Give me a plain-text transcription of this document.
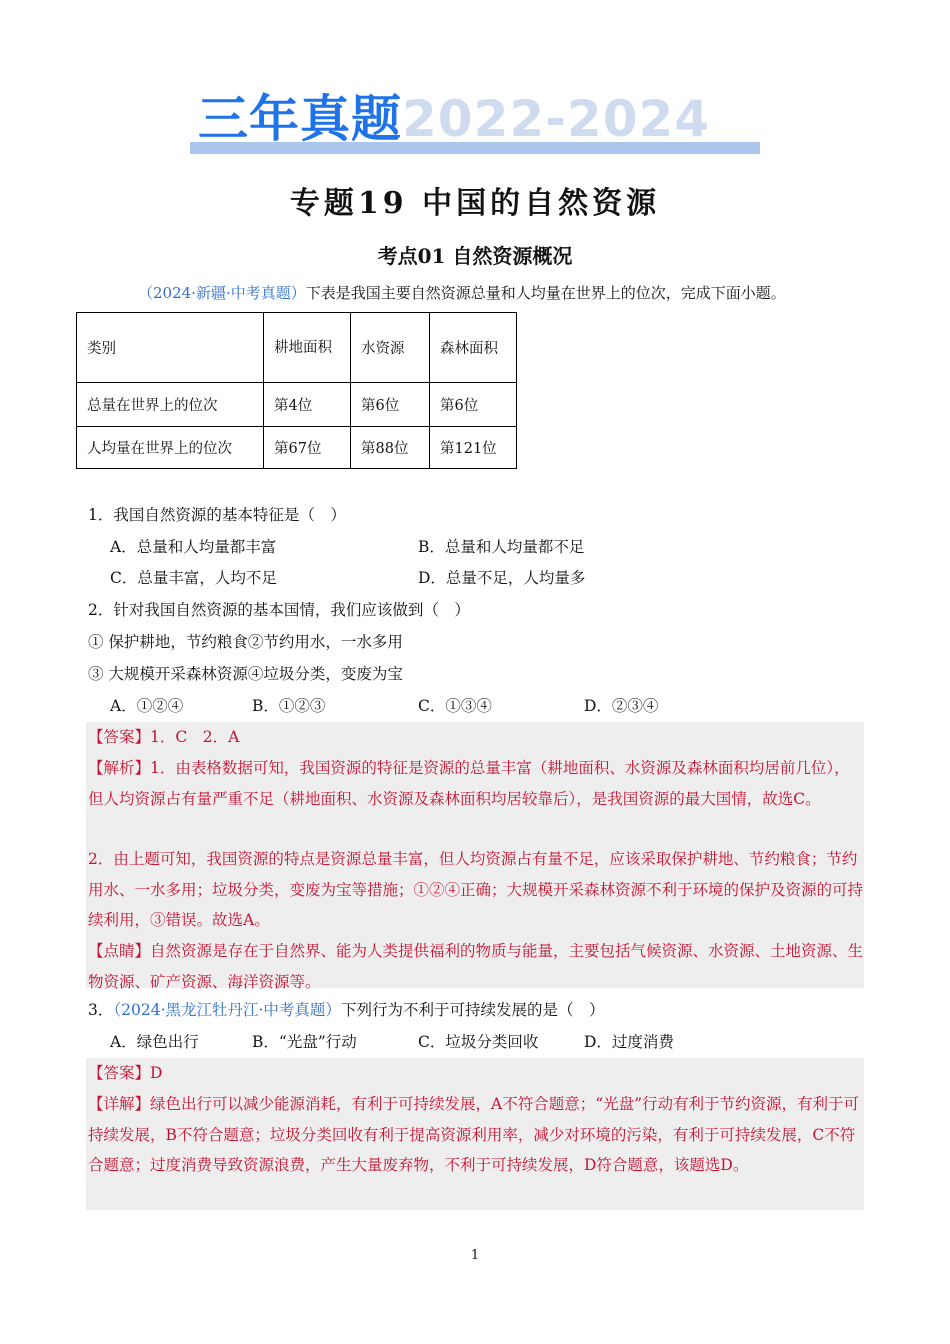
三年真题2022-2024
专题19 中国的自然资源
考点01 自然资源概况
（2024·新疆·中考真题）下表是我国主要自然资源总量和人均量在世界上的位次，完成下面小题。
类别	耕地面积	水资源	森林面积
总量在世界上的位次	第4位	第6位	第6位
人均量在世界上的位次	第67位	第88位	第121位
1．我国自然资源的基本特征是（　）
A．总量和人均量都丰富	B．总量和人均量都不足
C．总量丰富，人均不足	D．总量不足，人均量多
2．针对我国自然资源的基本国情，我们应该做到（　）
① 保护耕地，节约粮食②节约用水，一水多用
③ 大规模开采森林资源④垃圾分类，变废为宝
A．①②④	B．①②③	C．①③④	D．②③④
【答案】1．C　2．A
【解析】1．由表格数据可知，我国资源的特征是资源的总量丰富（耕地面积、水资源及森林面积均居前几位），但人均资源占有量严重不足（耕地面积、水资源及森林面积均居较靠后），是我国资源的最大国情，故选C。
2．由上题可知，我国资源的特点是资源总量丰富，但人均资源占有量不足，应该采取保护耕地、节约粮食；节约用水、一水多用；垃圾分类，变废为宝等措施；①②④正确；大规模开采森林资源不利于环境的保护及资源的可持续利用，③错误。故选A。
【点睛】自然资源是存在于自然界、能为人类提供福利的物质与能量，主要包括气候资源、水资源、土地资源、生物资源、矿产资源、海洋资源等。
3．（2024·黑龙江牡丹江·中考真题）下列行为不利于可持续发展的是（　）
A．绿色出行	B．“光盘”行动	C．垃圾分类回收	D．过度消费
【答案】D
【详解】绿色出行可以减少能源消耗，有利于可持续发展，A不符合题意；“光盘”行动有利于节约资源，有利于可持续发展，B不符合题意；垃圾分类回收有利于提高资源利用率，减少对环境的污染，有利于可持续发展，C不符合题意；过度消费导致资源浪费，产生大量废弃物，不利于可持续发展，D符合题意，该题选D。
1
